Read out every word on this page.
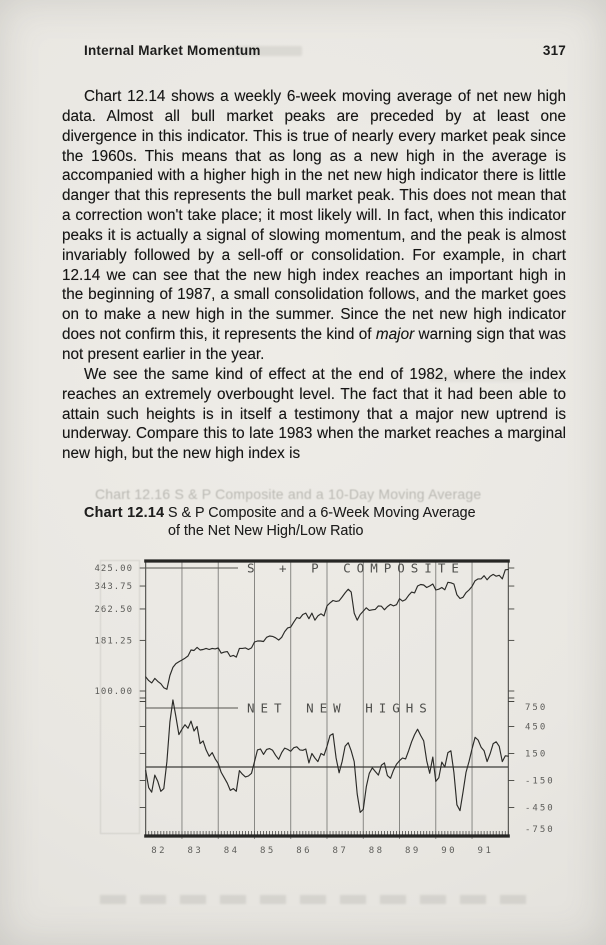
Chart 12.16 S & P Composite and a 10-Day Moving Average
Internal Market Momentum	317

Chart 12.14 shows a weekly 6-week moving average of net new high data. Almost all bull market peaks are preceded by at least one divergence in this indicator. This is true of nearly every market peak since the 1960s. This means that as long as a new high in the average is accompanied with a higher high in the net new high indicator there is little danger that this represents the bull market peak. This does not mean that a correction won't take place; it most likely will. In fact, when this indicator peaks it is actually a signal of slowing momentum, and the peak is almost invariably followed by a sell-off or consolidation. For example, in chart 12.14 we can see that the new high index reaches an important high in the beginning of 1987, a small consolidation follows, and the market goes on to make a new high in the summer. Since the net new high indicator does not confirm this, it represents the kind of major warning sign that was not present earlier in the year.

We see the same kind of effect at the end of 1982, where the index reaches an extremely overbought level. The fact that it had been able to attain such heights is in itself a testimony that a major new uptrend is underway. Compare this to late 1983 when the market reaches a marginal new high, but the new high index is

Chart 12.14 S & P Composite and a 6-Week Moving Average
of the Net New High/Low Ratio
425.00
343.75
262.50
181.25
100.00
750
450
150
-150
-450
-750
S + P COMPOSITE
NET NEW HIGHS
82 83 84 85 86 87 88 89 90 91
